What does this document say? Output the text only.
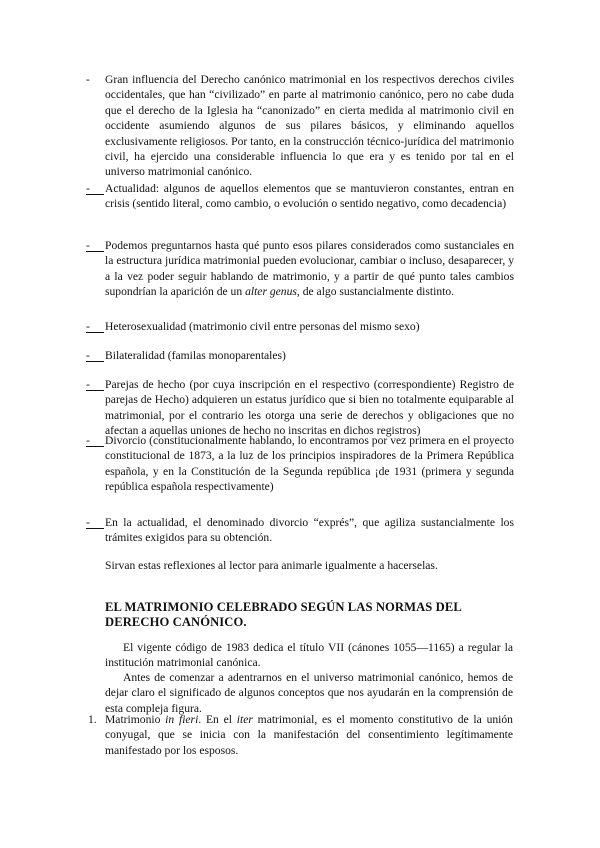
- Gran influencia del Derecho canónico matrimonial en los respectivos derechos civiles occidentales, que han “civilizado” en parte al matrimonio canónico, pero no cabe duda que el derecho de la Iglesia ha “canonizado” en cierta medida al matrimonio civil en occidente asumiendo algunos de sus pilares básicos, y eliminando aquellos exclusivamente religiosos. Por tanto, en la construcción técnico-jurídica del matrimonio civil, ha ejercido una considerable influencia lo que era y es tenido por tal en el universo matrimonial canónico.
-	Actualidad: algunos de aquellos elementos que se mantuvieron constantes, entran en crisis (sentido literal, como cambio, o evolución o sentido negativo, como decadencia)
-	Podemos preguntarnos hasta qué punto esos pilares considerados como sustanciales en la estructura jurídica matrimonial pueden evolucionar, cambiar o incluso, desaparecer, y a la vez poder seguir hablando de matrimonio, y a partir de qué punto tales cambios supondrían la aparición de un alter genus, de algo sustancialmente distinto.
-	Heterosexualidad (matrimonio civil entre personas del mismo sexo)
-	Bilateralidad (familas monoparentales)
-	Parejas de hecho (por cuya inscripción en el respectivo (correspondiente) Registro de parejas de Hecho) adquieren un estatus jurídico que si bien no totalmente equiparable al matrimonial, por el contrario les otorga una serie de derechos y obligaciones que no afectan a aquellas uniones de hecho no inscritas en dichos registros)
-	Divorcio (constitucionalmente hablando, lo encontramos por vez primera en el proyecto constitucional de 1873, a la luz de los principios inspiradores de la Primera República española, y en la Constitución de la Segunda república ¡de 1931 (primera y segunda república española respectivamente)
-	En la actualidad, el denominado divorcio “exprés”, que agiliza sustancialmente los trámites exigidos para su obtención.
Sirvan estas reflexiones al lector para animarle igualmente a hacerselas.
EL MATRIMONIO CELEBRADO SEGÚN LAS NORMAS DEL DERECHO CANÓNICO.
El vigente código de 1983 dedica el título VII (cánones 1055—1165) a regular la institución matrimonial canónica.
Antes de comenzar a adentrarnos en el universo matrimonial canónico, hemos de dejar claro el significado de algunos conceptos que nos ayudarán en la comprensión de esta compleja figura.
1. Matrimonio in fieri. En el iter matrimonial, es el momento constitutivo de la unión conyugal, que se inicia con la manifestación del consentimiento legítimamente manifestado por los esposos.
